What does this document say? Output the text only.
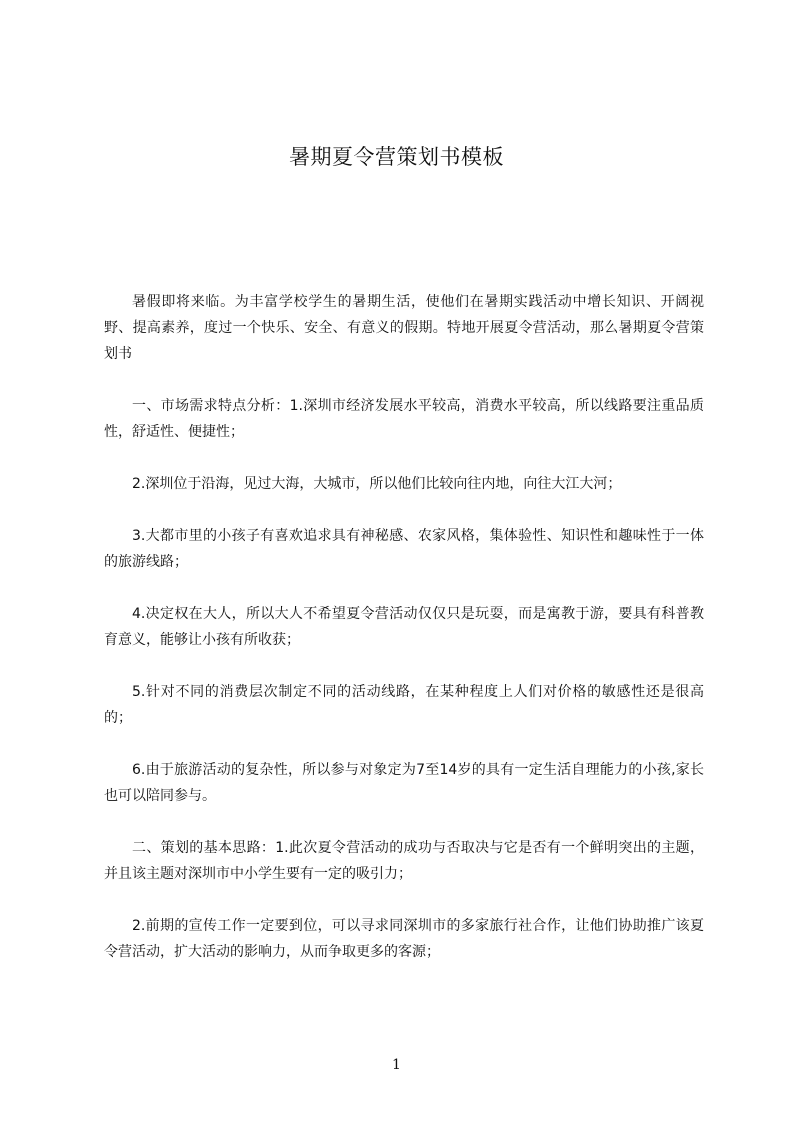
暑期夏令营策划书模板

暑假即将来临。为丰富学校学生的暑期生活，使他们在暑期实践活动中增长知识、开阔视野、提高素养，度过一个快乐、安全、有意义的假期。特地开展夏令营活动，那么暑期夏令营策划书

一、市场需求特点分析：1.深圳市经济发展水平较高，消费水平较高，所以线路要注重品质性，舒适性、便捷性；

2.深圳位于沿海，见过大海，大城市，所以他们比较向往内地，向往大江大河；

3.大都市里的小孩子有喜欢追求具有神秘感、农家风格，集体验性、知识性和趣味性于一体的旅游线路；

4.决定权在大人，所以大人不希望夏令营活动仅仅只是玩耍，而是寓教于游，要具有科普教育意义，能够让小孩有所收获；

5.针对不同的消费层次制定不同的活动线路，在某种程度上人们对价格的敏感性还是很高的；

6.由于旅游活动的复杂性，所以参与对象定为7至14岁的具有一定生活自理能力的小孩,家长也可以陪同参与。

二、策划的基本思路：1.此次夏令营活动的成功与否取决与它是否有一个鲜明突出的主题，并且该主题对深圳市中小学生要有一定的吸引力；

2.前期的宣传工作一定要到位，可以寻求同深圳市的多家旅行社合作，让他们协助推广该夏令营活动，扩大活动的影响力，从而争取更多的客源；

1
